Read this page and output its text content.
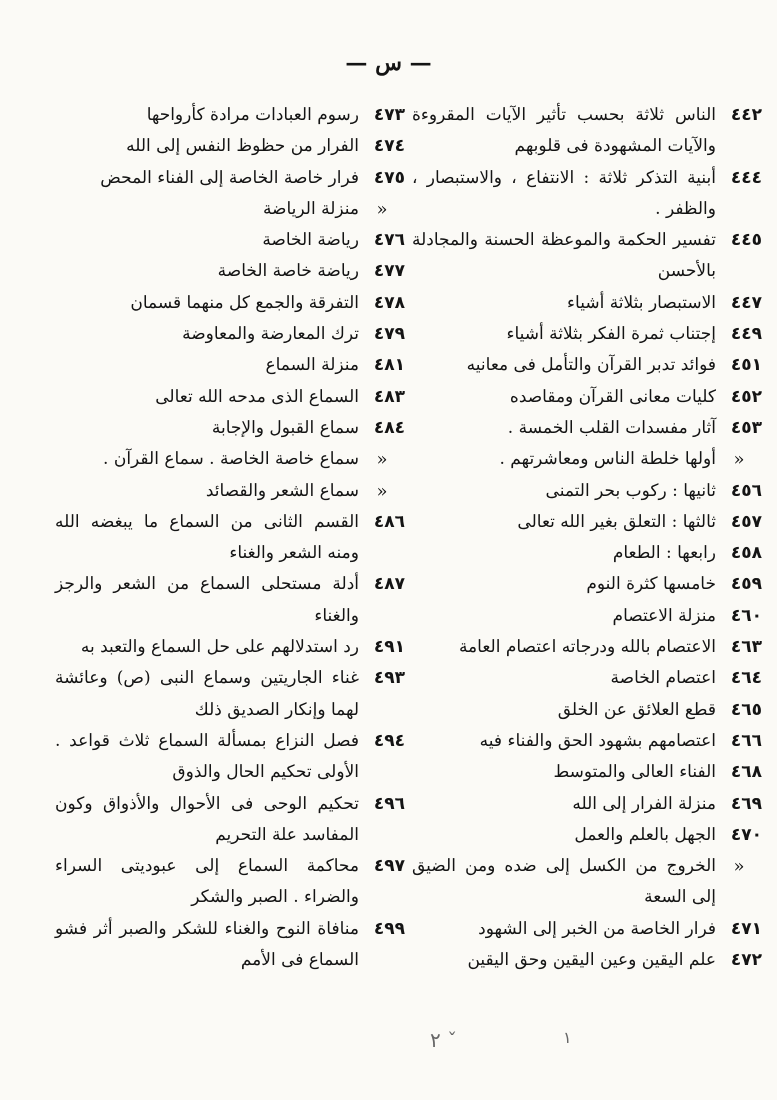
— س —
٤٤٢
الناس ثلاثة بحسب تأثير الآيات المقروءة والآيات المشهودة فى قلوبهم
٤٤٤
أبنية التذكر ثلاثة : الانتفاع ، والاستبصار ، والظفر .
٤٤٥
تفسير الحكمة والموعظة الحسنة والمجادلة بالأحسن
٤٤٧
الاستبصار بثلاثة أشياء
٤٤٩
إجتناب ثمرة الفكر بثلاثة أشياء
٤٥١
فوائد تدبر القرآن والتأمل فى معانيه
٤٥٢
كليات معانى القرآن ومقاصده
٤٥٣
آثار مفسدات القلب الخمسة .
«
أولها خلطة الناس ومعاشرتهم .
٤٥٦
ثانيها : ركوب بحر التمنى
٤٥٧
ثالثها : التعلق بغير الله تعالى
٤٥٨
رابعها : الطعام
٤٥٩
خامسها كثرة النوم
٤٦٠
منزلة الاعتصام
٤٦٣
الاعتصام بالله ودرجاته اعتصام العامة
٤٦٤
اعتصام الخاصة
٤٦٥
قطع العلائق عن الخلق
٤٦٦
اعتصامهم بشهود الحق والفناء فيه
٤٦٨
الفناء العالى والمتوسط
٤٦٩
منزلة الفرار إلى الله
٤٧٠
الجهل بالعلم والعمل
«
الخروج من الكسل إلى ضده ومن الضيق إلى السعة
٤٧١
فرار الخاصة من الخبر إلى الشهود
٤٧٢
علم اليقين وعين اليقين وحق اليقين
٤٧٣
رسوم العبادات مرادة كأرواحها
٤٧٤
الفرار من حظوظ النفس إلى الله
٤٧٥
فرار خاصة الخاصة إلى الفناء المحض
«
منزلة الرياضة
٤٧٦
رياضة الخاصة
٤٧٧
رياضة خاصة الخاصة
٤٧٨
التفرقة والجمع كل منهما قسمان
٤٧٩
ترك المعارضة والمعاوضة
٤٨١
منزلة السماع
٤٨٣
السماع الذى مدحه الله تعالى
٤٨٤
سماع القبول والإجابة
«
سماع خاصة الخاصة . سماع القرآن .
«
سماع الشعر والقصائد
٤٨٦
القسم الثانى من السماع ما يبغضه الله ومنه الشعر والغناء
٤٨٧
أدلة مستحلى السماع من الشعر والرجز والغناء
٤٩١
رد استدلالهم على حل السماع والتعبد به
٤٩٣
غناء الجاريتين وسماع النبى (ص) وعائشة لهما وإنكار الصديق ذلك
٤٩٤
فصل النزاع بمسألة السماع ثلاث قواعد . الأولى تحكيم الحال والذوق
٤٩٦
تحكيم الوحى فى الأحوال والأذواق وكون المفاسد علة التحريم
٤٩٧
محاكمة السماع إلى عبوديتى السراء والضراء . الصبر والشكر
٤٩٩
منافاة النوح والغناء للشكر والصبر أثر فشو السماع فى الأمم
٢ ˇ	١
